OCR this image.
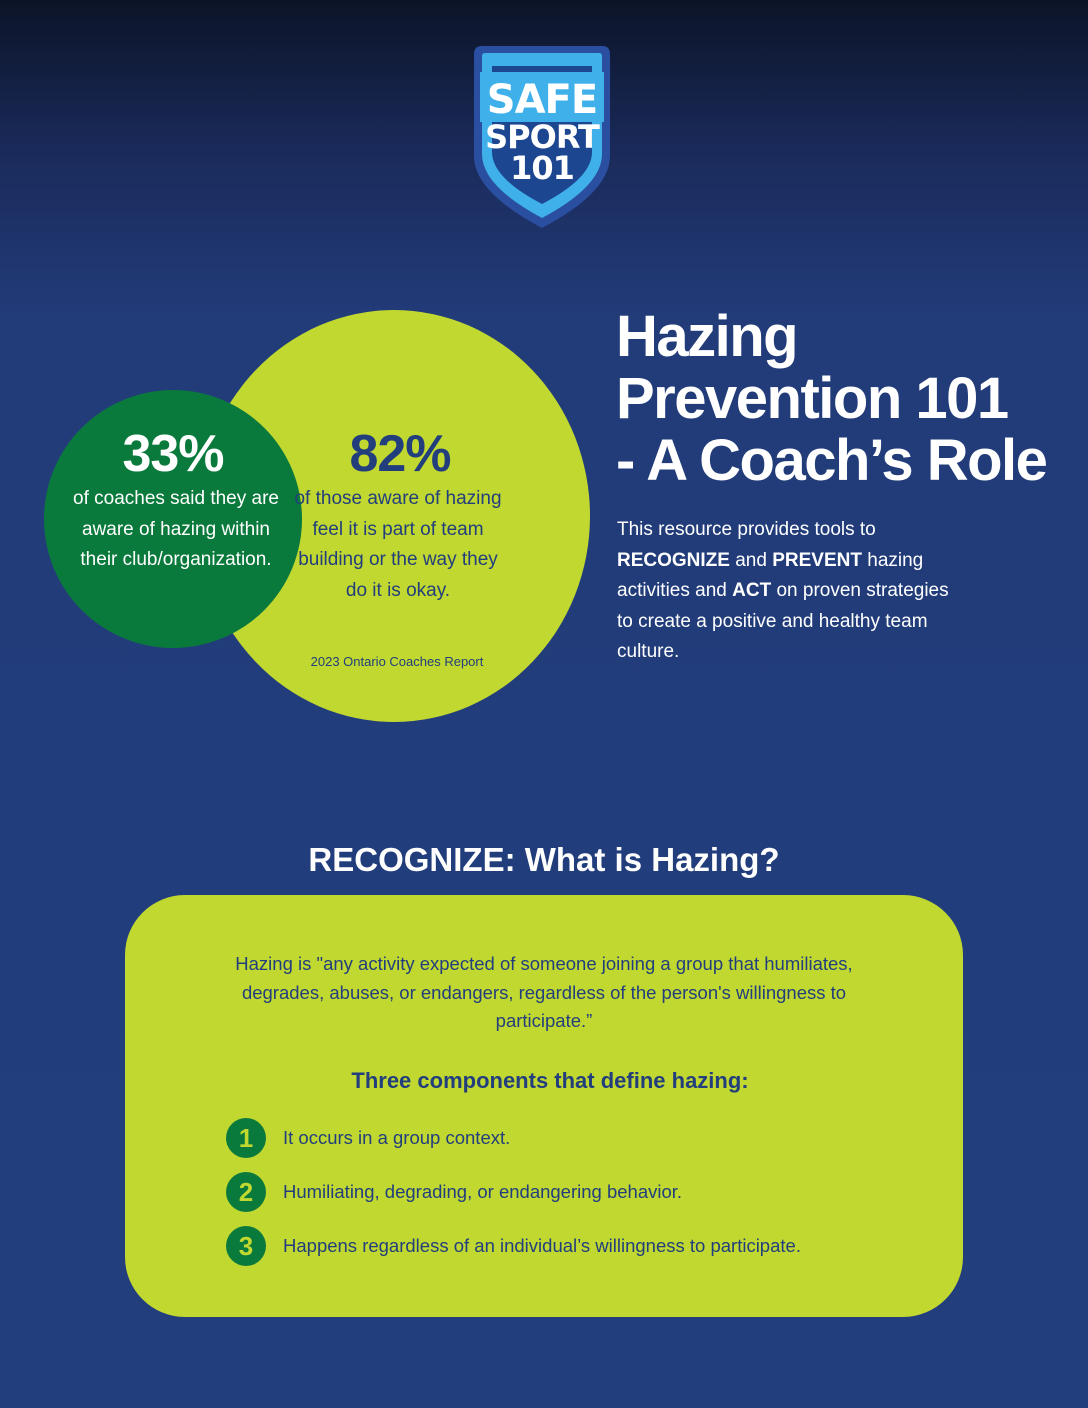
SAFE
SPORT
101
33%
of coaches said they are aware of hazing within their club/organization.
82%
of those aware of hazing feel it is part of team building or the way they do it is okay.
2023 Ontario Coaches Report
Hazing
Prevention 101
- A Coach’s Role
This resource provides tools to RECOGNIZE and PREVENT hazing activities and ACT on proven strategies to create a positive and healthy team culture.
RECOGNIZE: What is Hazing?
Hazing is "any activity expected of someone joining a group that humiliates, degrades, abuses, or endangers, regardless of the person's willingness to participate.”
Three components that define hazing:
1	It occurs in a group context.
2	Humiliating, degrading, or endangering behavior.
3	Happens regardless of an individual’s willingness to participate.
